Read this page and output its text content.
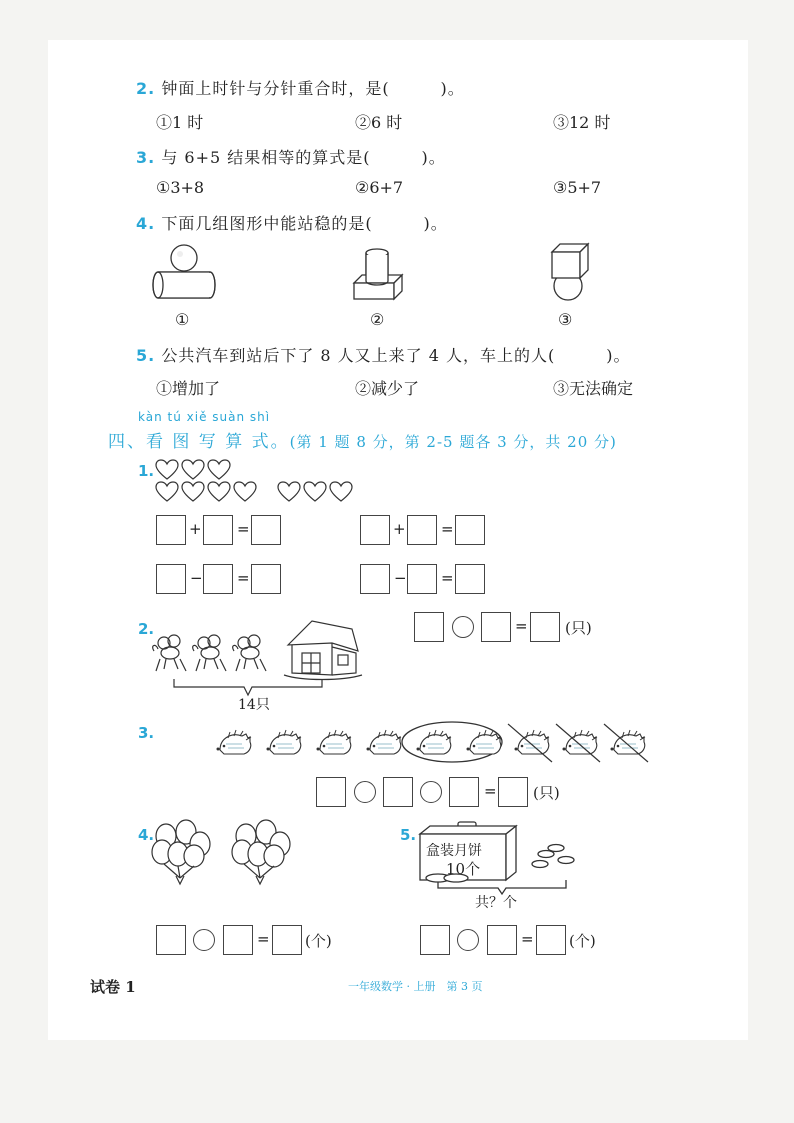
2. 钟面上时针与分针重合时，是(　　　)。
①1 时	②6 时	③12 时
3. 与 6+5 结果相等的算式是(　　　)。
①3+8	②6+7	③5+7
4. 下面几组图形中能站稳的是(　　　)。
①	②	③
5. 公共汽车到站后下了 8 人又上来了 4 人，车上的人(　　　)。
①增加了	②减少了	③无法确定
kàn tú xiě suàn shì
四、看 图 写 算 式。(第 1 题 8 分，第 2-5 题各 3 分，共 20 分)
1.
+ =	+ =
− =	− =
2.
14只
= (只)
3.
= (只)
4.
= (个)
5.
盒装月饼
10个
共？个
= (个)
试卷 1	一年级数学 · 上册　第 3 页
